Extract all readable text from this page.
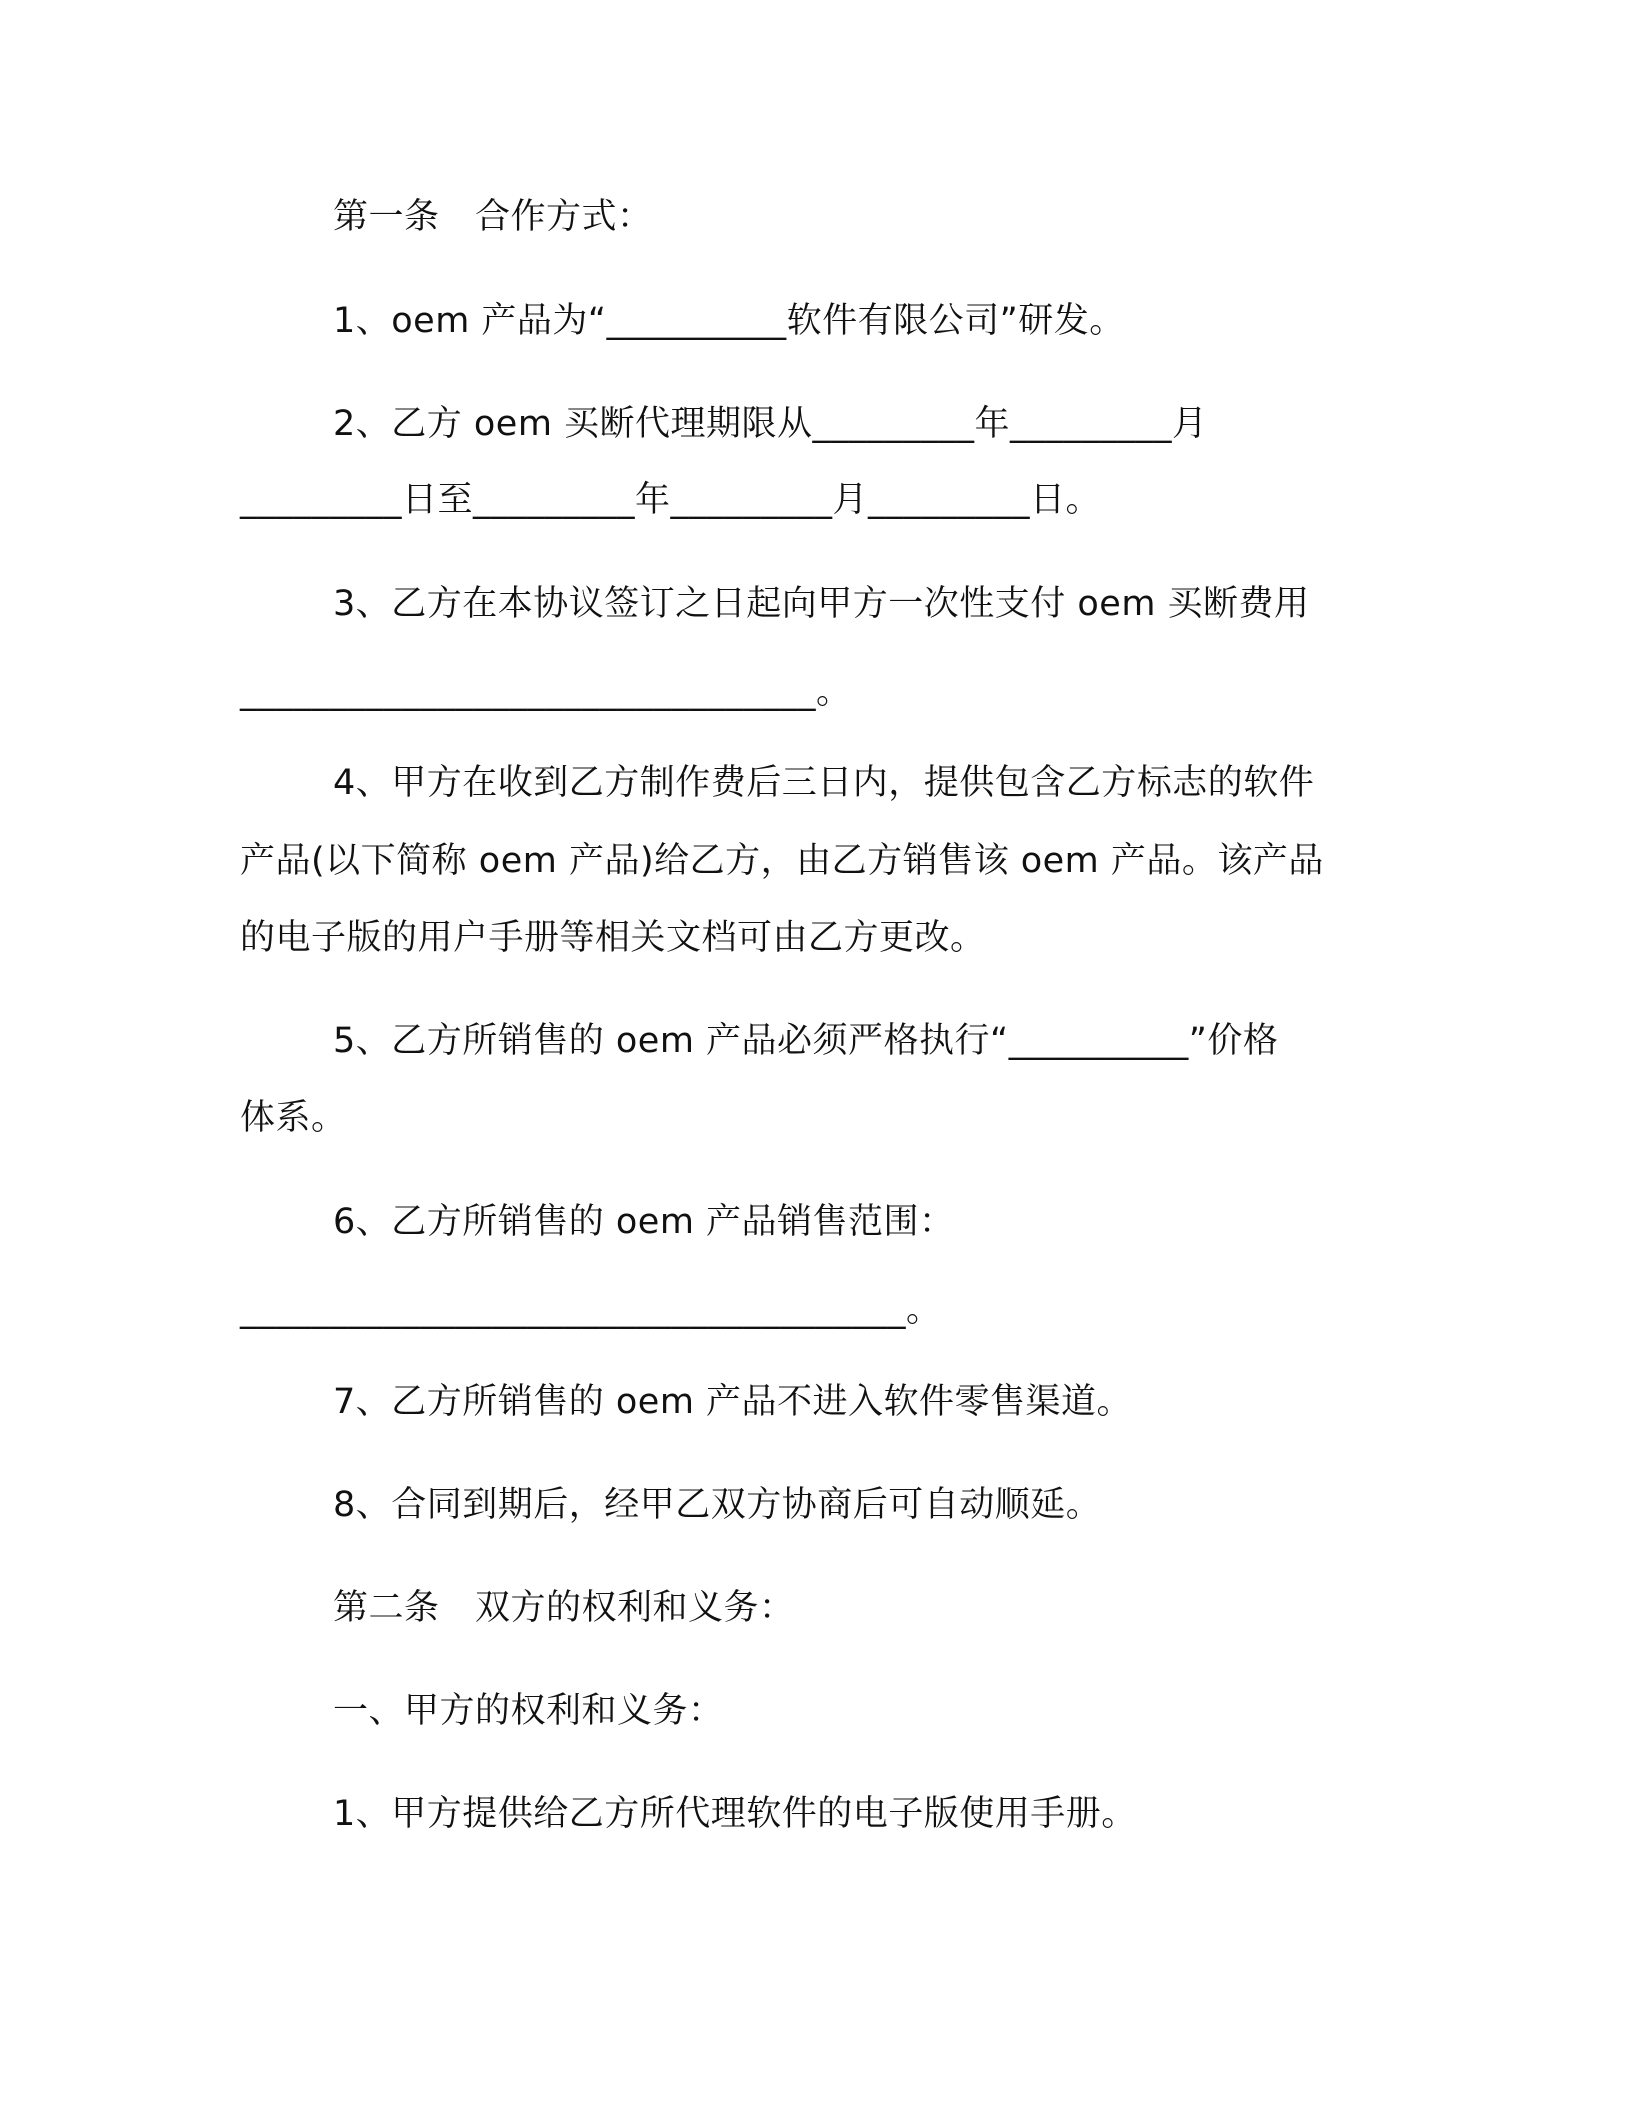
第一条　合作方式：
1、oem 产品为“__________软件有限公司”研发。
2、乙方 oem 买断代理期限从_________年_________月
_________日至_________年_________月_________日。
3、乙方在本协议签订之日起向甲方一次性支付 oem 买断费用
________________________________。
4、甲方在收到乙方制作费后三日内，提供包含乙方标志的软件
产品(以下简称 oem 产品)给乙方，由乙方销售该 oem 产品。该产品
的电子版的用户手册等相关文档可由乙方更改。
5、乙方所销售的 oem 产品必须严格执行“__________”价格
体系。
6、乙方所销售的 oem 产品销售范围：
_____________________________________。
7、乙方所销售的 oem 产品不进入软件零售渠道。
8、合同到期后，经甲乙双方协商后可自动顺延。
第二条　双方的权利和义务：
一、甲方的权利和义务：
1、甲方提供给乙方所代理软件的电子版使用手册。
